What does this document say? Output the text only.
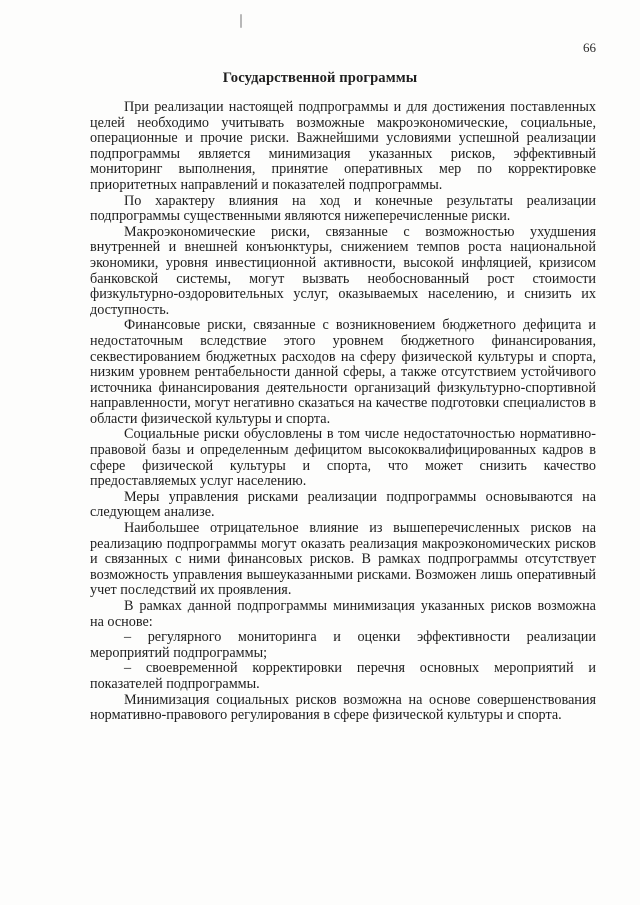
66
Государственной программы

При реализации настоящей подпрограммы и для достижения поставленных целей необходимо учитывать возможные макроэкономические, социальные, операционные и прочие риски. Важнейшими условиями успешной реализации подпрограммы является минимизация указанных рисков, эффективный мониторинг выполнения, принятие оперативных мер по корректировке приоритетных направлений и показателей подпрограммы.

По характеру влияния на ход и конечные результаты реализации подпрограммы существенными являются нижеперечисленные риски.

Макроэкономические риски, связанные с возможностью ухудшения внутренней и внешней конъюнктуры, снижением темпов роста национальной экономики, уровня инвестиционной активности, высокой инфляцией, кризисом банковской системы, могут вызвать необоснованный рост стоимости физкультурно-оздоровительных услуг, оказываемых населению, и снизить их доступность.

Финансовые риски, связанные с возникновением бюджетного дефицита и недостаточным вследствие этого уровнем бюджетного финансирования, секвестированием бюджетных расходов на сферу физической культуры и спорта, низким уровнем рентабельности данной сферы, а также отсутствием устойчивого источника финансирования деятельности организаций физкультурно-спортивной направленности, могут негативно сказаться на качестве подготовки специалистов в области физической культуры и спорта.

Социальные риски обусловлены в том числе недостаточностью нормативно-правовой базы и определенным дефицитом высококвалифицированных кадров в сфере физической культуры и спорта, что может снизить качество предоставляемых услуг населению.

Меры управления рисками реализации подпрограммы основываются на следующем анализе.

Наибольшее отрицательное влияние из вышеперечисленных рисков на реализацию подпрограммы могут оказать реализация макроэкономических рисков и связанных с ними финансовых рисков. В рамках подпрограммы отсутствует возможность управления вышеуказанными рисками. Возможен лишь оперативный учет последствий их проявления.

В рамках данной подпрограммы минимизация указанных рисков возможна на основе:

– регулярного мониторинга и оценки эффективности реализации мероприятий подпрограммы;

– своевременной корректировки перечня основных мероприятий и показателей подпрограммы.

Минимизация социальных рисков возможна на основе совершенствования нормативно-правового регулирования в сфере физической культуры и спорта.
